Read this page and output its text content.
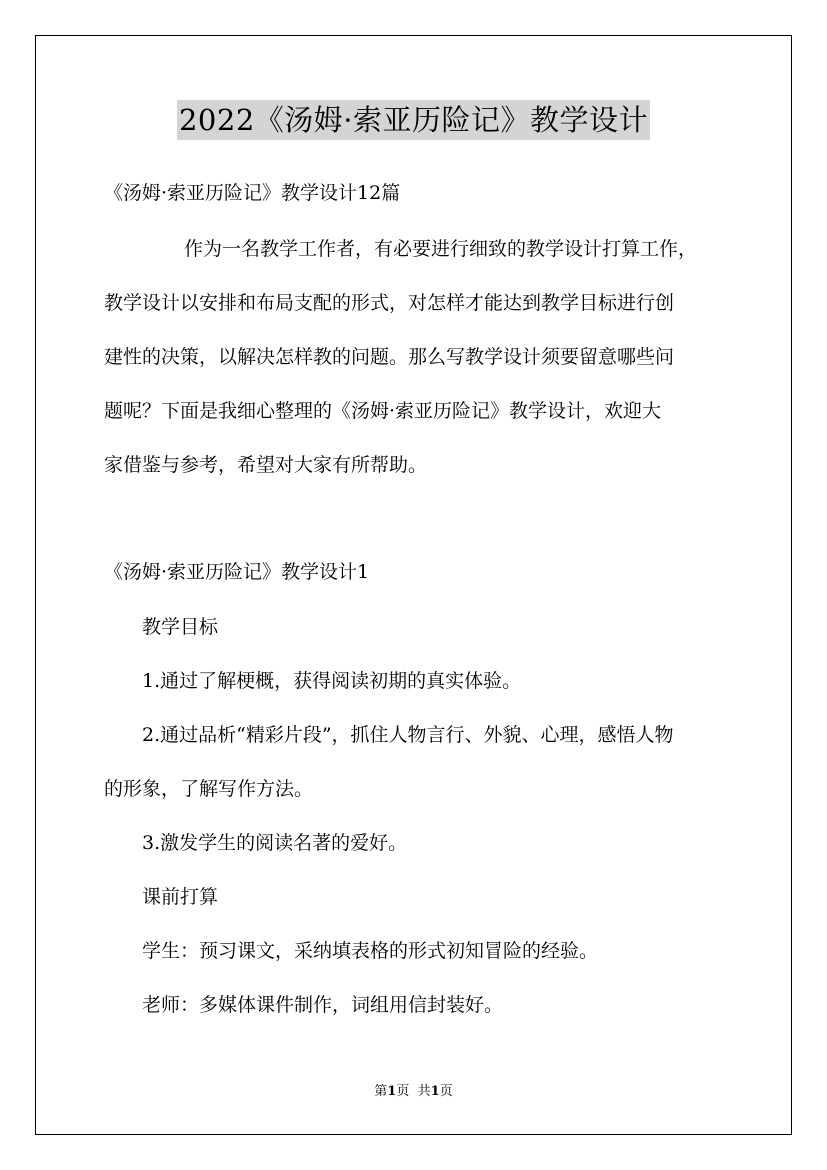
2022《汤姆·索亚历险记》教学设计
《汤姆·索亚历险记》教学设计12篇
作为一名教学工作者，有必要进行细致的教学设计打算工作，
教学设计以安排和布局支配的形式，对怎样才能达到教学目标进行创
建性的决策，以解决怎样教的问题。那么写教学设计须要留意哪些问
题呢？下面是我细心整理的《汤姆·索亚历险记》教学设计，欢迎大
家借鉴与参考，希望对大家有所帮助。
《汤姆·索亚历险记》教学设计1
教学目标
1.通过了解梗概，获得阅读初期的真实体验。
2.通过品析“精彩片段”，抓住人物言行、外貌、心理，感悟人物
的形象，了解写作方法。
3.激发学生的阅读名著的爱好。
课前打算
学生：预习课文，采纳填表格的形式初知冒险的经验。
老师：多媒体课件制作，词组用信封装好。
第1页 共1页
